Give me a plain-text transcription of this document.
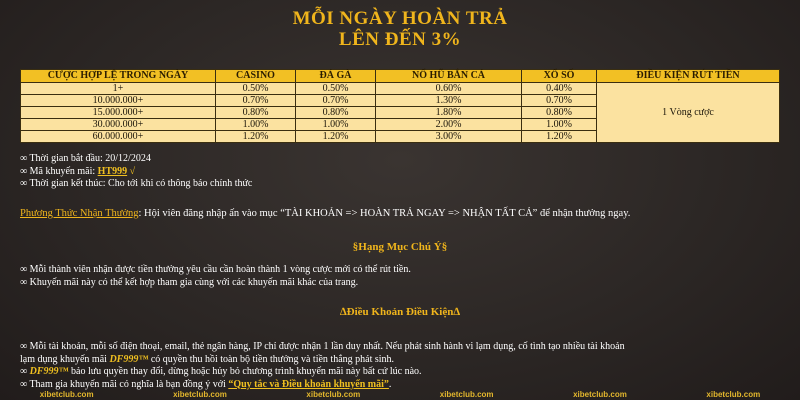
MỖI NGÀY HOÀN TRẢ
LÊN ĐẾN 3%
CƯỢC HỢP LỆ TRONG NGÀY	CASINO	ĐÁ GÀ	NỔ HŨ BẮN CÁ	XỔ SỐ	ĐIỀU KIỆN RÚT TIỀN
1+	0.50%	0.50%	0.60%	0.40%	1 Vòng cược
10.000.000+	0.70%	0.70%	1.30%	0.70%	
15.000.000+	0.80%	0.80%	1.80%	0.80%	
30.000.000+	1.00%	1.00%	2.00%	1.00%	
60.000.000+	1.20%	1.20%	3.00%	1.20%	
∞ Thời gian bắt đầu: 20/12/2024
∞ Mã khuyến mãi: HT999 √
∞ Thời gian kết thúc: Cho tới khi có thông báo chính thức
Phương Thức Nhận Thưởng: Hội viên đăng nhập ấn vào mục “TÀI KHOẢN => HOÀN TRẢ NGAY => NHẬN TẤT CẢ” để nhận thưởng ngay.
§Hạng Mục Chú Ý§
∞ Mỗi thành viên nhận được tiền thưởng yêu cầu cần hoàn thành 1 vòng cược mới có thể rút tiền.
∞ Khuyến mãi này có thể kết hợp tham gia cùng với các khuyến mãi khác của trang.
∆Điều Khoản Điều Kiện∆
∞ Mỗi tài khoản, mỗi số điện thoại, email, thẻ ngân hàng, IP chỉ được nhận 1 lần duy nhất. Nếu phát sinh hành vi lạm dụng, cố tình tạo nhiều tài khoản
lạm dụng khuyến mãi DF999™ có quyền thu hồi toàn bộ tiền thưởng và tiền thắng phát sinh.
∞ DF999™ bảo lưu quyền thay đổi, dừng hoặc hủy bỏ chương trình khuyến mãi này bất cứ lúc nào.
∞ Tham gia khuyến mãi có nghĩa là bạn đồng ý với “Quy tắc và Điều khoản khuyến mãi”.
xibetclub.com	xibetclub.com	xibetclub.com	xibetclub.com	xibetclub.com	xibetclub.com
